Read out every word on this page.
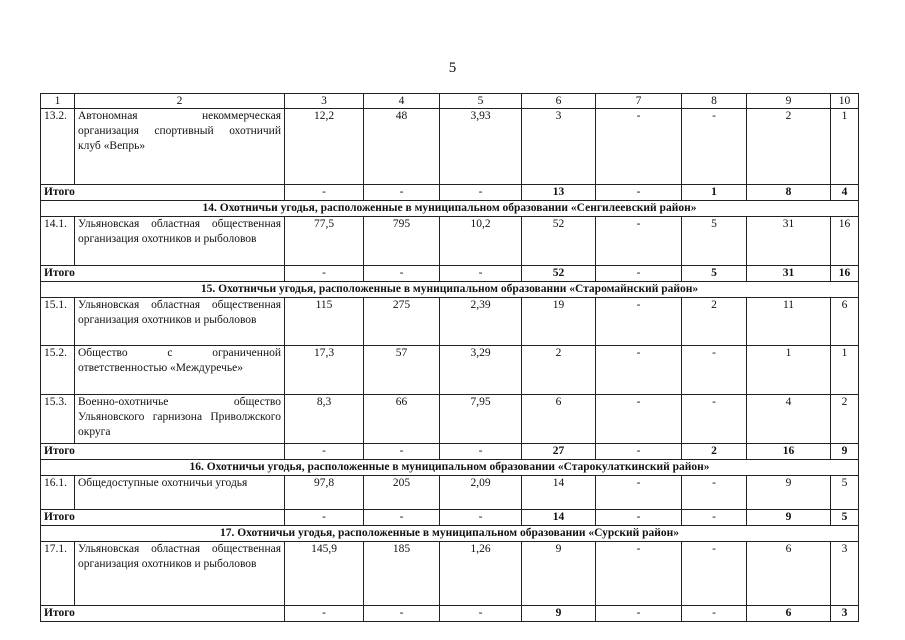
5
1	2	3	4	5	6	7	8	9	10
13.2.	Автономная некоммерческая организация спортивный охотничий клуб «Вепрь»	12,2	48	3,93	3	-	-	2	1
Итого		-	-	-	13	-	1	8	4
14. Охотничьи угодья, расположенные в муниципальном образовании «Сенгилеевский район»									
14.1.	Ульяновская областная общественная организация охотников и рыболовов	77,5	795	10,2	52	-	5	31	16
Итого		-	-	-	52	-	5	31	16
15. Охотничьи угодья, расположенные в муниципальном образовании «Старомайнский район»									
15.1.	Ульяновская областная общественная организация охотников и рыболовов	115	275	2,39	19	-	2	11	6
15.2.	Общество с ограниченной ответственностью «Междуречье»	17,3	57	3,29	2	-	-	1	1
15.3.	Военно-охотничье общество Ульяновского гарнизона Приволжского округа	8,3	66	7,95	6	-	-	4	2
Итого		-	-	-	27	-	2	16	9
16. Охотничьи угодья, расположенные в муниципальном образовании «Старокулаткинский район»									
16.1.	Общедоступные охотничьи угодья	97,8	205	2,09	14	-	-	9	5
Итого		-	-	-	14	-	-	9	5
17. Охотничьи угодья, расположенные в муниципальном образовании «Сурский район»									
17.1.	Ульяновская областная общественная организация охотников и рыболовов	145,9	185	1,26	9	-	-	6	3
Итого		-	-	-	9	-	-	6	3
